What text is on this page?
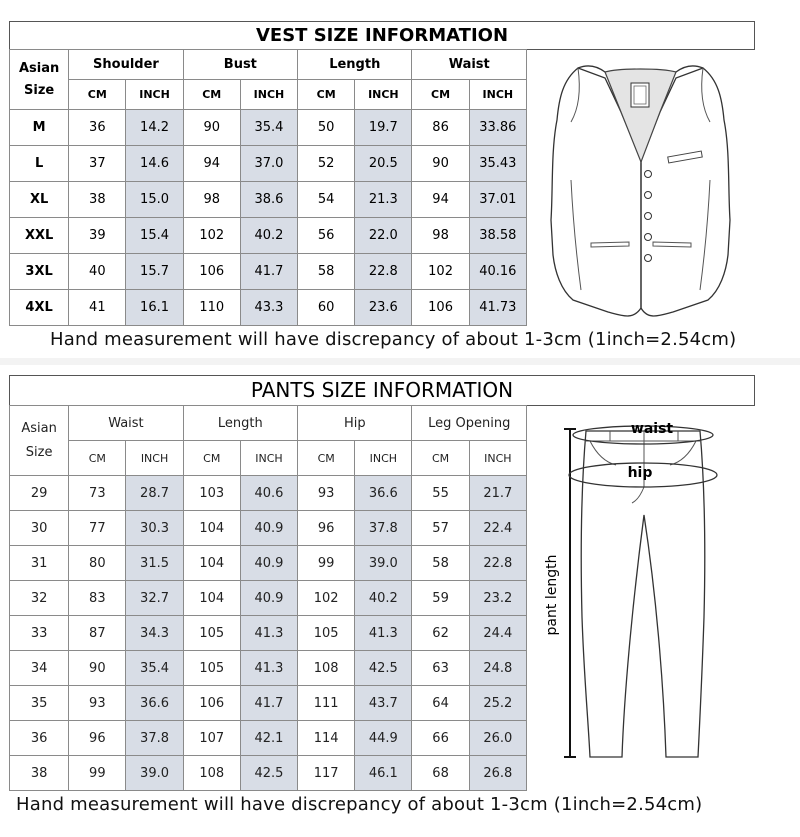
VEST SIZE INFORMATION
Asian
Size	Shoulder		Bust		Length		Waist	
	CM	INCH	CM	INCH	CM	INCH	CM	INCH
M	36	14.2	90	35.4	50	19.7	86	33.86
L	37	14.6	94	37.0	52	20.5	90	35.43
XL	38	15.0	98	38.6	54	21.3	94	37.01
XXL	39	15.4	102	40.2	56	22.0	98	38.58
3XL	40	15.7	106	41.7	58	22.8	102	40.16
4XL	41	16.1	110	43.3	60	23.6	106	41.73
Hand measurement will have discrepancy of about 1-3cm (1inch=2.54cm)
PANTS SIZE INFORMATION
Asian
Size	Waist		Length		Hip		Leg Opening	
	CM	INCH	CM	INCH	CM	INCH	CM	INCH
29	73	28.7	103	40.6	93	36.6	55	21.7
30	77	30.3	104	40.9	96	37.8	57	22.4
31	80	31.5	104	40.9	99	39.0	58	22.8
32	83	32.7	104	40.9	102	40.2	59	23.2
33	87	34.3	105	41.3	105	41.3	62	24.4
34	90	35.4	105	41.3	108	42.5	63	24.8
35	93	36.6	106	41.7	111	43.7	64	25.2
36	96	37.8	107	42.1	114	44.9	66	26.0
38	99	39.0	108	42.5	117	46.1	68	26.8
Hand measurement will have discrepancy of about 1-3cm (1inch=2.54cm)
pant length
waist
hip
